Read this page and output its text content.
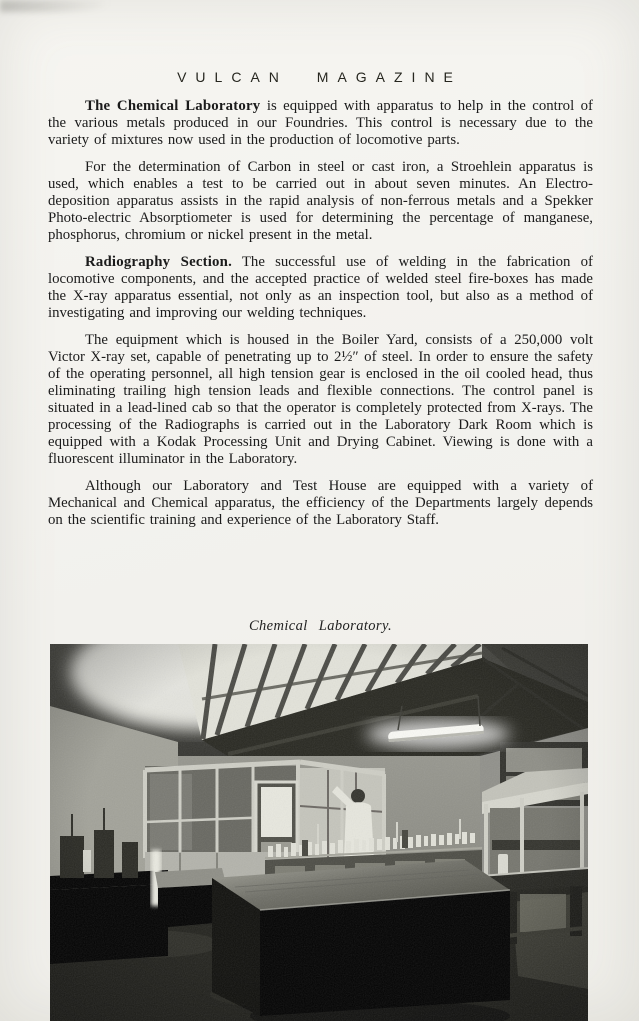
VULCAN MAGAZINE

The Chemical Laboratory is equipped with apparatus to help in the control of the various metals produced in our Foundries. This control is necessary due to the variety of mixtures now used in the production of locomotive parts.

For the determination of Carbon in steel or cast iron, a Stroehlein apparatus is used, which enables a test to be carried out in about seven minutes. An Electro-deposition apparatus assists in the rapid analysis of non-ferrous metals and a Spekker Photo-electric Absorptiometer is used for determining the percentage of manganese, phosphorus, chromium or nickel present in the metal.

Radiography Section. The successful use of welding in the fabrication of locomotive components, and the accepted practice of welded steel fire-boxes has made the X-ray apparatus essential, not only as an inspection tool, but also as a method of investigating and improving our welding techniques.

The equipment which is housed in the Boiler Yard, consists of a 250,000 volt Victor X-ray set, capable of penetrating up to 2½″ of steel. In order to ensure the safety of the operating personnel, all high tension gear is enclosed in the oil cooled head, thus eliminating trailing high tension leads and flexible connections. The control panel is situated in a lead-lined cab so that the operator is completely protected from X-rays. The processing of the Radiographs is carried out in the Laboratory Dark Room which is equipped with a Kodak Processing Unit and Drying Cabinet. Viewing is done with a fluorescent illuminator in the Laboratory.

Although our Laboratory and Test House are equipped with a variety of Mechanical and Chemical apparatus, the efficiency of the Departments largely depends on the scientific training and experience of the Laboratory Staff.

Chemical Laboratory.
